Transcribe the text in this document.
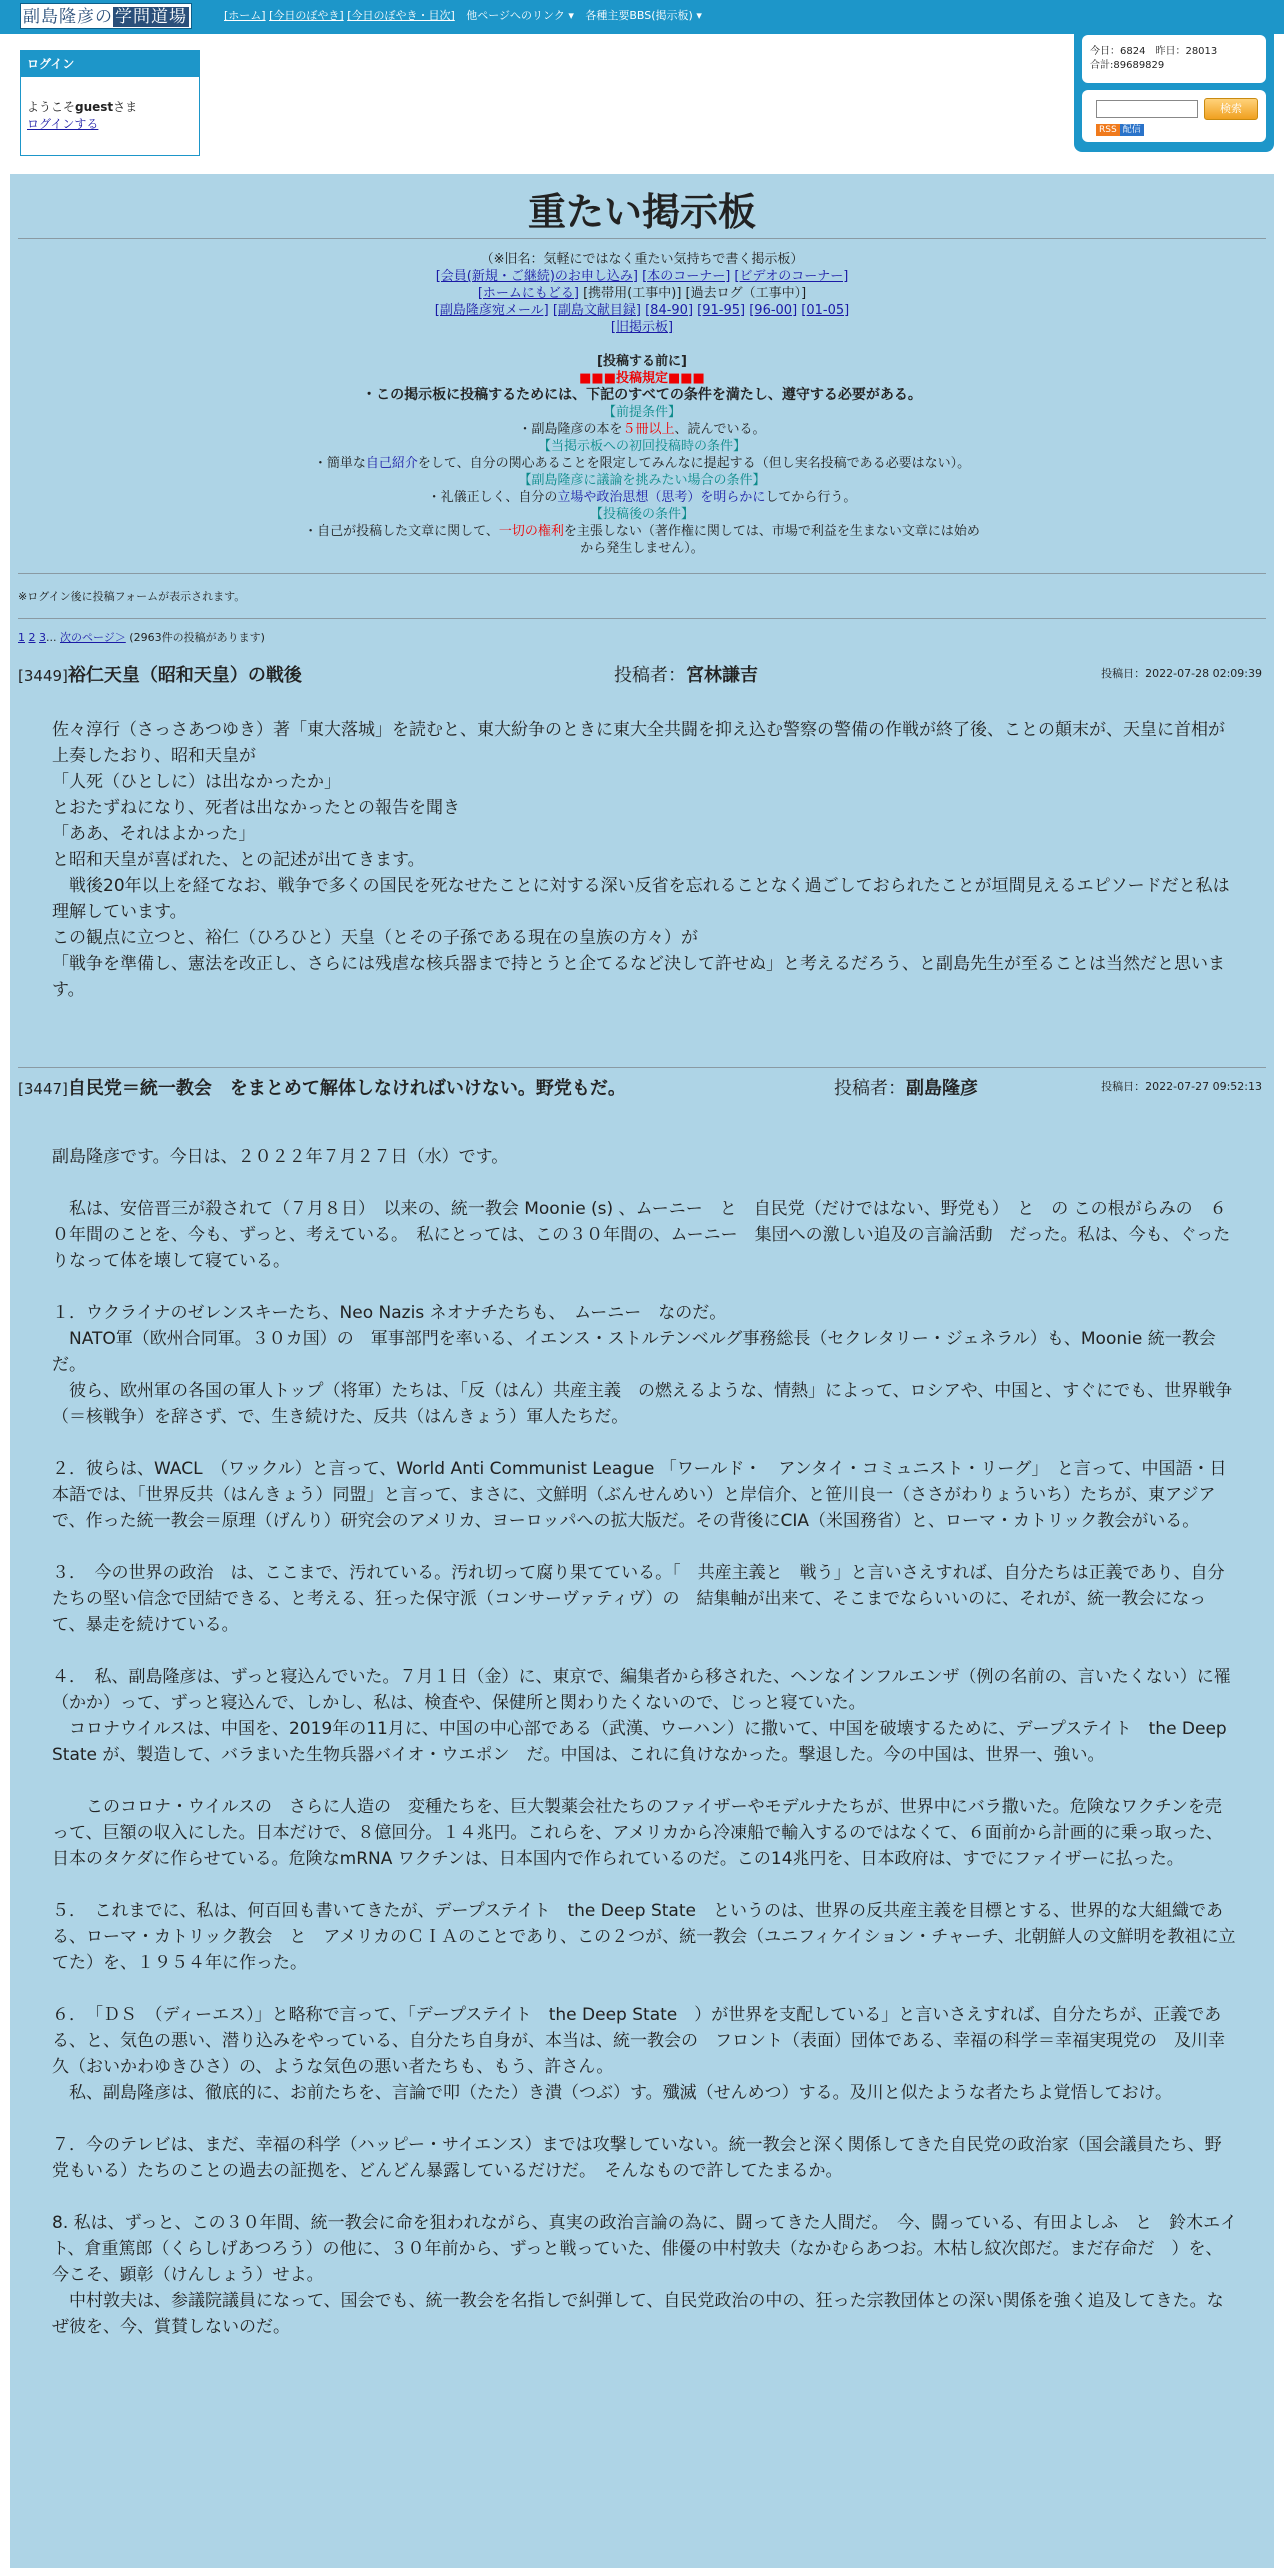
副島隆彦の 学問道場	[ホーム] [今日のぼやき] [今日のぼやき・目次] 他ページへのリンク ▾ 各種主要BBS(掲示板) ▾
ログイン
ようこそguestさま
ログインする
今日：6824　 昨日：28013
合計:89689829
検索
RSS 配信
重たい掲示板
（※旧名：気軽にではなく重たい気持ちで書く掲示板）
[会員(新規・ご継続)のお申し込み] [本のコーナー] [ビデオのコーナー]
[ホームにもどる] [携帯用(工事中)] [過去ログ（工事中）]
[副島隆彦宛メール] [副島文献目録] [84-90] [91-95] [96-00] [01-05]
[旧掲示板]
[投稿する前に]
■■■投稿規定■■■
・この掲示板に投稿するためには、下記のすべての条件を満たし、遵守する必要がある。
【前提条件】
・副島隆彦の本を５冊以上、読んでいる。
【当掲示板への初回投稿時の条件】
・簡単な自己紹介をして、自分の関心あることを限定してみんなに提起する（但し実名投稿である必要はない）。
【副島隆彦に議論を挑みたい場合の条件】
・礼儀正しく、自分の立場や政治思想（思考）を明らかにしてから行う。
【投稿後の条件】
・自己が投稿した文章に関して、一切の権利を主張しない（著作権に関しては、市場で利益を生まない文章には始め
から発生しません）。
※ログイン後に投稿フォームが表示されます。
1 2 3... 次のページ＞ (2963件の投稿があります)
[3449]裕仁天皇（昭和天皇）の戦後	投稿者：宮林謙吉	投稿日：2022-07-28 02:09:39

佐々淳行（さっさあつゆき）著「東大落城」を読むと、東大紛争のときに東大全共闘を抑え込む警察の警備の作戦が終了後、ことの顛末が、天皇に首相が上奏したおり、昭和天皇が

「人死（ひとしに）は出なかったか」

とおたずねになり、死者は出なかったとの報告を聞き

「ああ、それはよかった」

と昭和天皇が喜ばれた、との記述が出てきます。

　戦後20年以上を経てなお、戦争で多くの国民を死なせたことに対する深い反省を忘れることなく過ごしておられたことが垣間見えるエピソードだと私は理解しています。

この観点に立つと、裕仁（ひろひと）天皇（とその子孫である現在の皇族の方々）が

「戦争を準備し、憲法を改正し、さらには残虐な核兵器まで持とうと企てるなど決して許せぬ」と考えるだろう、と副島先生が至ることは当然だと思います。

[3447]自民党＝統一教会　をまとめて解体しなければいけない。野党もだ。	投稿者：副島隆彦	投稿日：2022-07-27 09:52:13

副島隆彦です。今日は、２０２２年７月２７日（水）です。

　私は、安倍晋三が殺されて（７月８日）　以来の、統一教会 Moonie (s) 、ムーニー　と　自民党（だけではない、野党も）　と　の この根がらみの　６０年間のことを、今も、ずっと、考えている。　私にとっては、この３０年間の、ムーニー　集団への激しい追及の言論活動　だった。私は、今も、ぐったりなって体を壊して寝ている。

１．ウクライナのゼレンスキーたち、Neo Nazis ネオナチたちも、　ムーニー　なのだ。

　NATO軍（欧州合同軍。３０カ国）の　軍事部門を率いる、イエンス・ストルテンベルグ事務総長（セクレタリー・ジェネラル）も、Moonie 統一教会　だ。

　彼ら、欧州軍の各国の軍人トップ（将軍）たちは、「反（はん）共産主義　の燃えるような、情熱」によって、ロシアや、中国と、すぐにでも、世界戦争（＝核戦争）を辞さず、で、生き続けた、反共（はんきょう）軍人たちだ。

２．彼らは、WACL　（ワックル）と言って、World Anti Communist League 「ワールド・　アンタイ・コミュニスト・リーグ」　と言って、中国語・日本語では、「世界反共（はんきょう）同盟」と言って、まさに、文鮮明（ぶんせんめい）と岸信介、と笹川良一（ささがわりょういち）たちが、東アジアで、作った統一教会＝原理（げんり）研究会のアメリカ、ヨーロッパへの拡大版だ。その背後にCIA（米国務省）と、ローマ・カトリック教会がいる。

３．　今の世界の政治　は、ここまで、汚れている。汚れ切って腐り果てている。「　共産主義と　戦う」と言いさえすれば、自分たちは正義であり、自分たちの堅い信念で団結できる、と考える、狂った保守派（コンサーヴァティヴ）の　結集軸が出来て、そこまでならいいのに、それが、統一教会になって、暴走を続けている。

４．　私、副島隆彦は、ずっと寝込んでいた。７月１日（金）に、東京で、編集者から移された、ヘンなインフルエンザ（例の名前の、言いたくない）に罹（かか）って、ずっと寝込んで、しかし、私は、検査や、保健所と関わりたくないので、じっと寝ていた。

　コロナウイルスは、中国を、2019年の11月に、中国の中心部である（武漢、ウーハン）に撒いて、中国を破壊するために、デープステイト　the Deep State が、製造して、バラまいた生物兵器バイオ・ウエポン　だ。中国は、これに負けなかった。撃退した。今の中国は、世界一、強い。

　　このコロナ・ウイルスの　さらに人造の　変種たちを、巨大製薬会社たちのファイザーやモデルナたちが、世界中にバラ撒いた。危険なワクチンを売って、巨額の収入にした。日本だけで、８億回分。１４兆円。これらを、アメリカから冷凍船で輸入するのではなくて、６面前から計画的に乗っ取った、日本のタケダに作らせている。危険なmRNA ワクチンは、日本国内で作られているのだ。この14兆円を、日本政府は、すでにファイザーに払った。

５．　これまでに、私は、何百回も書いてきたが、デープステイト　the Deep State　というのは、世界の反共産主義を目標とする、世界的な大組織である、ローマ・カトリック教会　と　アメリカのＣＩＡのことであり、この２つが、統一教会（ユニフィケイション・チャーチ、北朝鮮人の文鮮明を教祖に立てた）を、１９５４年に作った。

６．　「ＤＳ　（ディーエス）」と略称で言って、「デープステイト　the Deep State　）が世界を支配している」と言いさえすれば、自分たちが、正義である、と、気色の悪い、潜り込みをやっている、自分たち自身が、本当は、統一教会の　フロント（表面）団体である、幸福の科学＝幸福実現党の　及川幸久（おいかわゆきひさ）の、ような気色の悪い者たちも、もう、許さん。

　私、副島隆彦は、徹底的に、お前たちを、言論で叩（たた）き潰（つぶ）す。殲滅（せんめつ）する。及川と似たような者たちよ覚悟しておけ。

７．今のテレビは、まだ、幸福の科学（ハッピー・サイエンス）までは攻撃していない。統一教会と深く関係してきた自民党の政治家（国会議員たち、野党もいる）たちのことの過去の証拠を、どんどん暴露しているだけだ。　そんなもので許してたまるか。

8. 私は、ずっと、この３０年間、統一教会に命を狙われながら、真実の政治言論の為に、闘ってきた人間だ。　今、闘っている、有田よしふ　と　鈴木エイト、倉重篤郎（くらしげあつろう）の他に、３０年前から、ずっと戦っていた、俳優の中村敦夫（なかむらあつお。木枯し紋次郎だ。まだ存命だ　）を、今こそ、顕彰（けんしょう）せよ。

　中村敦夫は、参議院議員になって、国会でも、統一教会を名指しで糾弾して、自民党政治の中の、狂った宗教団体との深い関係を強く追及してきた。なぜ彼を、今、賞賛しないのだ。
